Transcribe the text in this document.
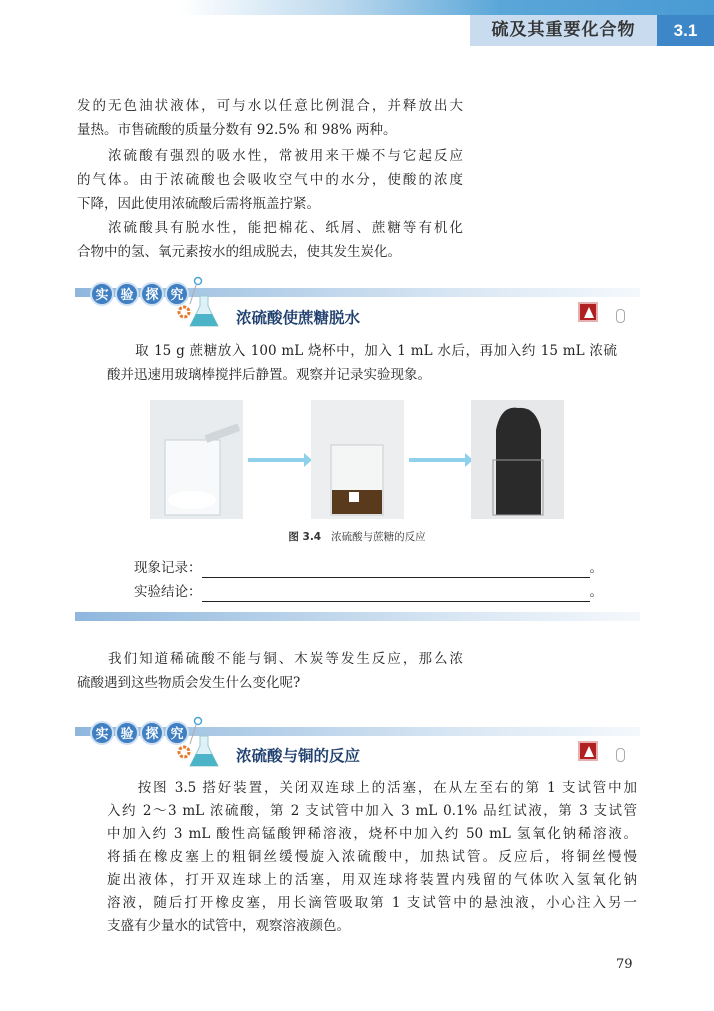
硫及其重要化合物	3.1
发的无色油状液体，可与水以任意比例混合，并释放出大
量热。市售硫酸的质量分数有 92.5% 和 98% 两种。
　　浓硫酸有强烈的吸水性，常被用来干燥不与它起反应
的气体。由于浓硫酸也会吸收空气中的水分，使酸的浓度
下降，因此使用浓硫酸后需将瓶盖拧紧。
　　浓硫酸具有脱水性，能把棉花、纸屑、蔗糖等有机化
合物中的氢、氧元素按水的组成脱去，使其发生炭化。
实 验 探 究
浓硫酸使蔗糖脱水
　　取 15 g 蔗糖放入 100 mL 烧杯中，加入 1 mL 水后，再加入约 15 mL 浓硫
酸并迅速用玻璃棒搅拌后静置。观察并记录实验现象。
图 3.4 浓硫酸与蔗糖的反应
现象记录：	。
实验结论：	。
　　我们知道稀硫酸不能与铜、木炭等发生反应，那么浓
硫酸遇到这些物质会发生什么变化呢?
实 验 探 究
浓硫酸与铜的反应
　　按图 3.5 搭好装置，关闭双连球上的活塞，在从左至右的第 1 支试管中加
入约 2～3 mL 浓硫酸，第 2 支试管中加入 3 mL 0.1% 品红试液，第 3 支试管
中加入约 3 mL 酸性高锰酸钾稀溶液，烧杯中加入约 50 mL 氢氧化钠稀溶液。
将插在橡皮塞上的粗铜丝缓慢旋入浓硫酸中，加热试管。反应后，将铜丝慢慢
旋出液体，打开双连球上的活塞，用双连球将装置内残留的气体吹入氢氧化钠
溶液，随后打开橡皮塞，用长滴管吸取第 1 支试管中的悬浊液，小心注入另一
支盛有少量水的试管中，观察溶液颜色。
79
